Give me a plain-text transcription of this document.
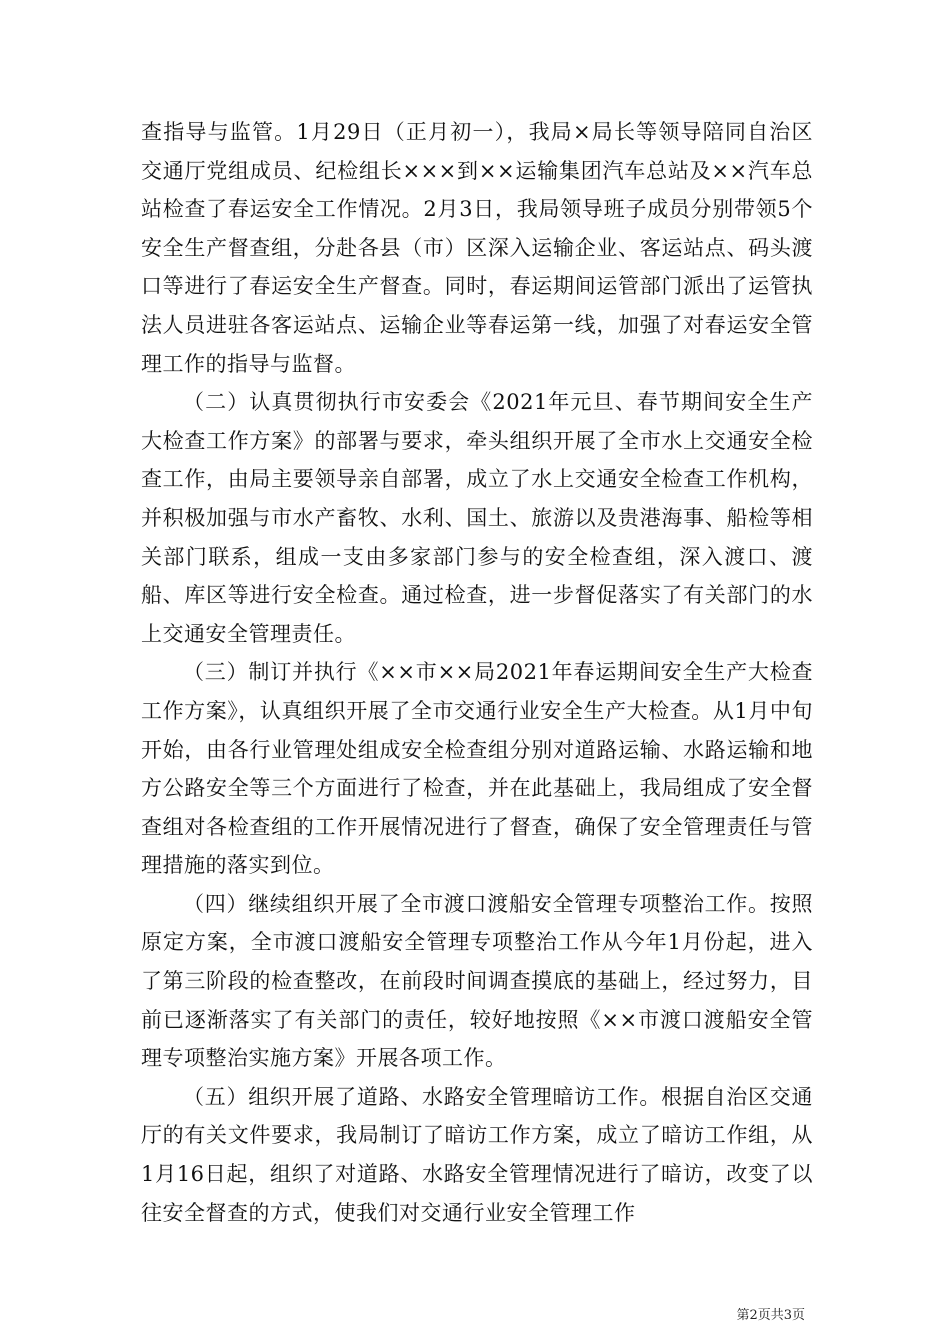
查指导与监管。1月29日（正月初一），我局×局长等领导陪同自治区交通厅党组成员、纪检组长×××到××运输集团汽车总站及××汽车总站检查了春运安全工作情况。2月3日，我局领导班子成员分别带领5个安全生产督查组，分赴各县（市）区深入运输企业、客运站点、码头渡口等进行了春运安全生产督查。同时，春运期间运管部门派出了运管执法人员进驻各客运站点、运输企业等春运第一线，加强了对春运安全管理工作的指导与监督。

（二）认真贯彻执行市安委会《2021年元旦、春节期间安全生产大检查工作方案》的部署与要求，牵头组织开展了全市水上交通安全检查工作，由局主要领导亲自部署，成立了水上交通安全检查工作机构，并积极加强与市水产畜牧、水利、国土、旅游以及贵港海事、船检等相关部门联系，组成一支由多家部门参与的安全检查组，深入渡口、渡船、库区等进行安全检查。通过检查，进一步督促落实了有关部门的水上交通安全管理责任。

（三）制订并执行《××市××局2021年春运期间安全生产大检查工作方案》，认真组织开展了全市交通行业安全生产大检查。从1月中旬开始，由各行业管理处组成安全检查组分别对道路运输、水路运输和地方公路安全等三个方面进行了检查，并在此基础上，我局组成了安全督查组对各检查组的工作开展情况进行了督查，确保了安全管理责任与管理措施的落实到位。

（四）继续组织开展了全市渡口渡船安全管理专项整治工作。按照原定方案，全市渡口渡船安全管理专项整治工作从今年1月份起，进入了第三阶段的检查整改，在前段时间调查摸底的基础上，经过努力，目前已逐渐落实了有关部门的责任，较好地按照《××市渡口渡船安全管理专项整治实施方案》开展各项工作。

（五）组织开展了道路、水路安全管理暗访工作。根据自治区交通厅的有关文件要求，我局制订了暗访工作方案，成立了暗访工作组，从1月16日起，组织了对道路、水路安全管理情况进行了暗访，改变了以往安全督查的方式，使我们对交通行业安全管理工作

第2页共3页
